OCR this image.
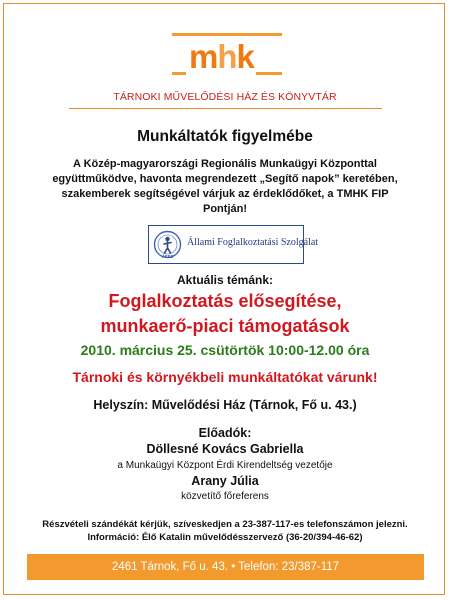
mhk
TÁRNOKI MŰVELŐDÉSI HÁZ ÉS KÖNYVTÁR
Munkáltatók figyelmébe
A Közép-magyarországi Regionális Munkaügyi Központtal együttműködve, havonta megrendezett „Segítő napok” keretében, szakemberek segítségével várjuk az érdeklődőket, a TMHK FIP Pontján!
ÁFSZ
Állami Foglalkoztatási Szolgálat
Aktuális témánk:
Foglalkoztatás elősegítése,
munkaerő-piaci támogatások
2010. március 25. csütörtök 10:00-12.00 óra
Tárnoki és környékbeli munkáltatókat várunk!
Helyszín: Művelődési Ház (Tárnok, Fő u. 43.)
Előadók:
Döllesné Kovács Gabriella
a Munkaügyi Központ Érdi Kirendeltség vezetője
Arany Júlia
közvetítő főreferens
Részvételi szándékát kérjük, szíveskedjen a 23-387-117-es telefonszámon jelezni.
Információ: Élő Katalin művelődésszervező (36-20/394-46-62)
2461 Tárnok, Fő u. 43. • Telefon: 23/387-117
